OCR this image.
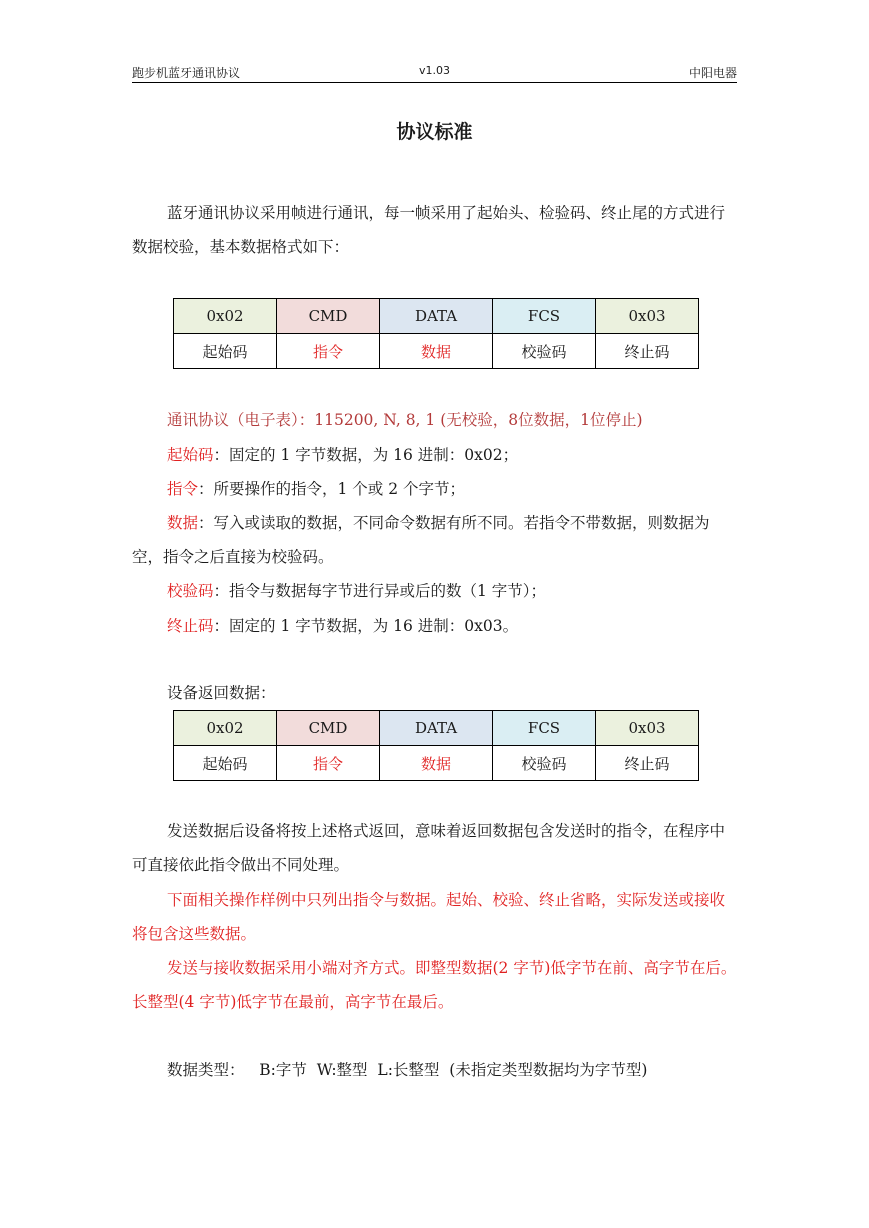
跑步机蓝牙通讯协议	v1.03	中阳电器
协议标准

蓝牙通讯协议采用帧进行通讯，每一帧采用了起始头、检验码、终止尾的方式进行数据校验，基本数据格式如下：

0x02	CMD	DATA	FCS	0x03
起始码	指令	数据	校验码	终止码

通讯协议（电子表）：115200, N, 8, 1 (无校验，8位数据，1位停止)

起始码：固定的 1 字节数据，为 16 进制：0x02；

指令：所要操作的指令，1 个或 2 个字节；

数据：写入或读取的数据，不同命令数据有所不同。若指令不带数据，则数据为空，指令之后直接为校验码。

校验码：指令与数据每字节进行异或后的数（1 字节）；

终止码：固定的 1 字节数据，为 16 进制：0x03。

设备返回数据：

0x02	CMD	DATA	FCS	0x03
起始码	指令	数据	校验码	终止码

发送数据后设备将按上述格式返回，意味着返回数据包含发送时的指令，在程序中可直接依此指令做出不同处理。

下面相关操作样例中只列出指令与数据。起始、校验、终止省略，实际发送或接收将包含这些数据。

发送与接收数据采用小端对齐方式。即整型数据(2 字节)低字节在前、高字节在后。长整型(4 字节)低字节在最前，高字节在最后。

数据类型：   B:字节  W:整型  L:长整型  (未指定类型数据均为字节型)
